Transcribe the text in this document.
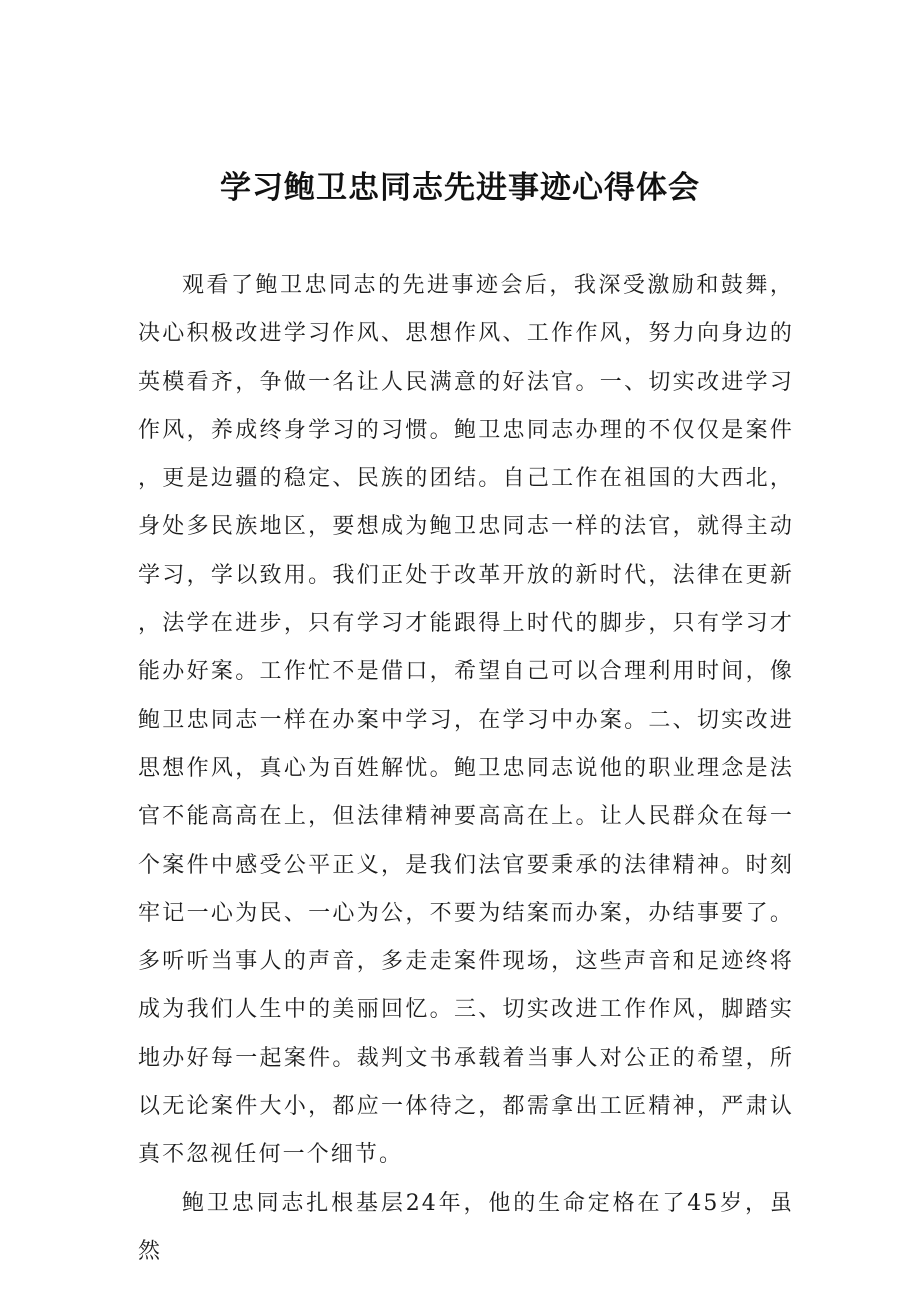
学习鲍卫忠同志先进事迹心得体会

观看了鲍卫忠同志的先进事迹会后，我深受激励和鼓舞，决心积极改进学习作风、思想作风、工作作风，努力向身边的英模看齐，争做一名让人民满意的好法官。一、切实改进学习作风，养成终身学习的习惯。鲍卫忠同志办理的不仅仅是案件，更是边疆的稳定、民族的团结。自己工作在祖国的大西北，身处多民族地区，要想成为鲍卫忠同志一样的法官，就得主动学习，学以致用。我们正处于改革开放的新时代，法律在更新，法学在进步，只有学习才能跟得上时代的脚步，只有学习才能办好案。工作忙不是借口，希望自己可以合理利用时间，像鲍卫忠同志一样在办案中学习，在学习中办案。二、切实改进思想作风，真心为百姓解忧。鲍卫忠同志说他的职业理念是法官不能高高在上，但法律精神要高高在上。让人民群众在每一个案件中感受公平正义，是我们法官要秉承的法律精神。时刻牢记一心为民、一心为公，不要为结案而办案，办结事要了。多听听当事人的声音，多走走案件现场，这些声音和足迹终将成为我们人生中的美丽回忆。三、切实改进工作作风，脚踏实地办好每一起案件。裁判文书承载着当事人对公正的希望，所以无论案件大小，都应一体待之，都需拿出工匠精神，严肃认真不忽视任何一个细节。

鲍卫忠同志扎根基层24年，他的生命定格在了45岁，虽然
